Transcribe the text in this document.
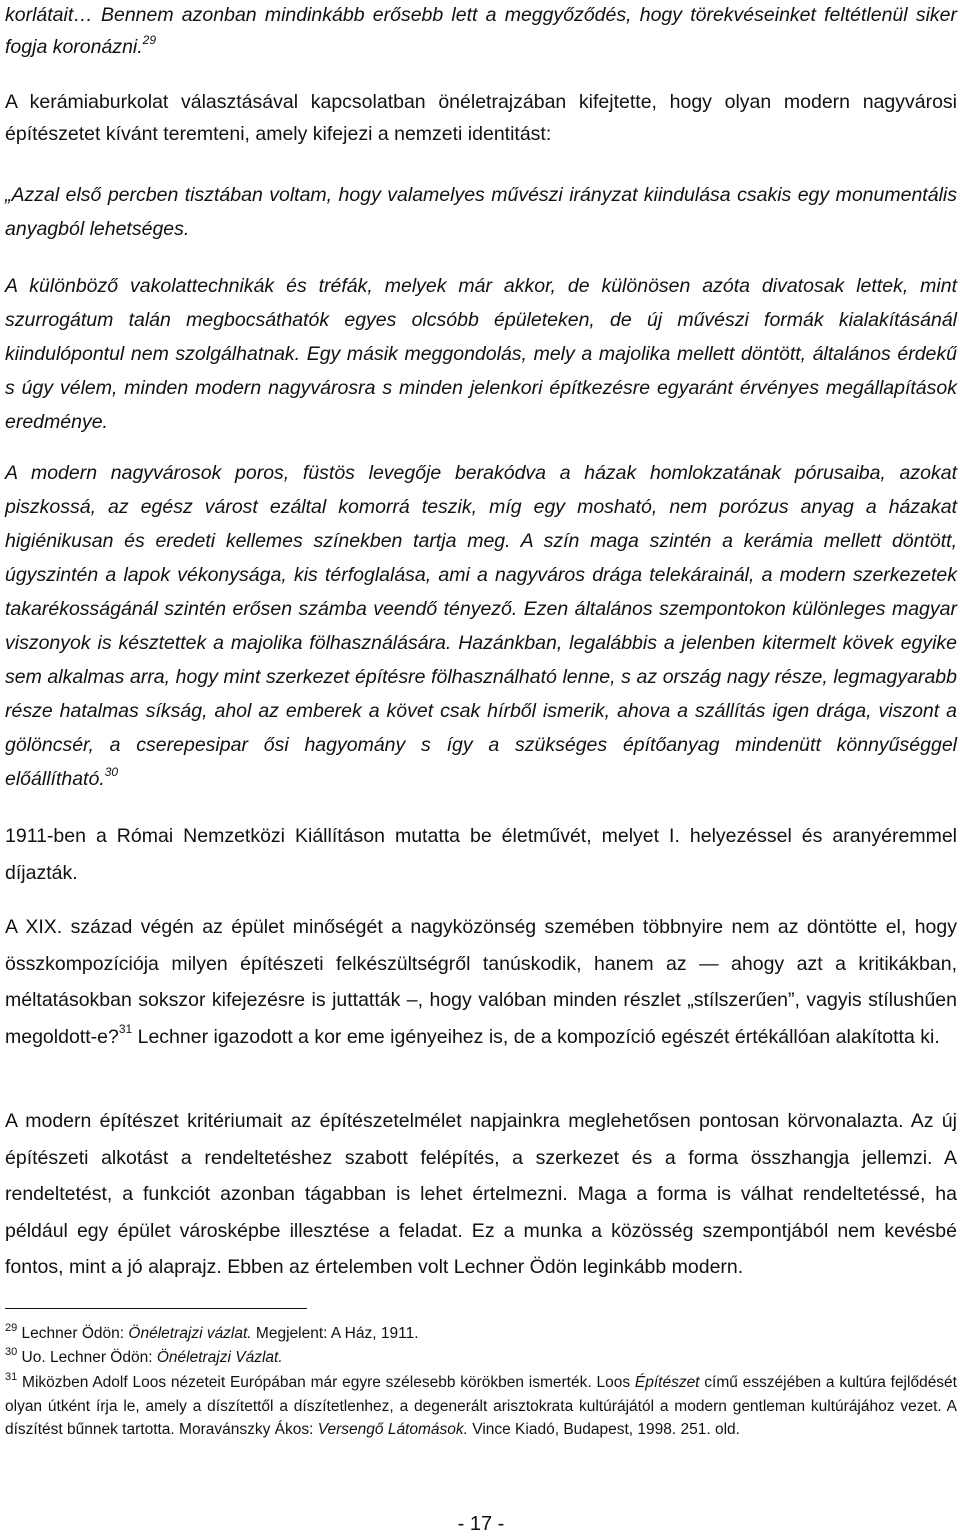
korlátait… Bennem azonban mindinkább erősebb lett a meggyőződés, hogy törekvéseinket feltétlenül siker fogja koronázni.$^{29}$

A kerámiaburkolat választásával kapcsolatban önéletrajzában kifejtette, hogy olyan modern nagyvárosi építészetet kívánt teremteni, amely kifejezi a nemzeti identitást:

„Azzal első percben tisztában voltam, hogy valamelyes művészi irányzat kiindulása csakis egy monumentális anyagból lehetséges.

A különböző vakolattechnikák és tréfák, melyek már akkor, de különösen azóta divatosak lettek, mint szurrogátum talán megbocsáthatók egyes olcsóbb épületeken, de új művészi formák kialakításánál kiindulópontul nem szolgálhatnak. Egy másik meggondolás, mely a majolika mellett döntött, általános érdekű s úgy vélem, minden modern nagyvárosra s minden jelenkori építkezésre egyaránt érvényes megállapítások eredménye.

A modern nagyvárosok poros, füstös levegője berakódva a házak homlokzatának pórusaiba, azokat piszkossá, az egész várost ezáltal komorrá teszik, míg egy mosható, nem porózus anyag a házakat higiénikusan és eredeti kellemes színekben tartja meg. A szín maga szintén a kerámia mellett döntött, úgyszintén a lapok vékonysága, kis térfoglalása, ami a nagyváros drága telekárainál, a modern szerkezetek takarékosságánál szintén erősen számba veendő tényező. Ezen általános szempontokon különleges magyar viszonyok is késztettek a majolika fölhasználására. Hazánkban, legalábbis a jelenben kitermelt kövek egyike sem alkalmas arra, hogy mint szerkezet építésre fölhasználható lenne, s az ország nagy része, legmagyarabb része hatalmas síkság, ahol az emberek a követ csak hírből ismerik, ahova a szállítás igen drága, viszont a gölöncsér, a cserepesipar ősi hagyomány s így a szükséges építőanyag mindenütt könnyűséggel előállítható.$^{30}$

1911-ben a Római Nemzetközi Kiállításon mutatta be életművét, melyet I. helyezéssel és aranyéremmel díjazták.

A XIX. század végén az épület minőségét a nagyközönség szemében többnyire nem az döntötte el, hogy összkompozíciója milyen építészeti felkészültségről tanúskodik, hanem az — ahogy azt a kritikákban, méltatásokban sokszor kifejezésre is juttatták –, hogy valóban minden részlet „stílszerűen”, vagyis stílushűen megoldott-e?$^{31}$ Lechner igazodott a kor eme igényeihez is, de a kompozíció egészét értékállóan alakította ki.

A modern építészet kritériumait az építészetelmélet napjainkra meglehetősen pontosan körvonalazta. Az új építészeti alkotást a rendeltetéshez szabott felépítés, a szerkezet és a forma összhangja jellemzi. A rendeltetést, a funkciót azonban tágabban is lehet értelmezni. Maga a forma is válhat rendeltetéssé, ha például egy épület városképbe illesztése a feladat. Ez a munka a közösség szempontjából nem kevésbé fontos, mint a jó alaprajz. Ebben az értelemben volt Lechner Ödön leginkább modern.

$^{29}$ Lechner Ödön: Önéletrajzi vázlat. Megjelent: A Ház, 1911.

$^{30}$ Uo. Lechner Ödön: Önéletrajzi Vázlat.

$^{31}$ Miközben Adolf Loos nézeteit Európában már egyre szélesebb körökben ismerték. Loos Építészet című esszéjében a kultúra fejlődését olyan útként írja le, amely a díszítettől a díszítetlenhez, a degenerált arisztokrata kultúrájától a modern gentleman kultúrájához vezet. A díszítést bűnnek tartotta. Moravánszky Ákos: Versengő Látomások. Vince Kiadó, Budapest, 1998. 251. old.

- 17 -
